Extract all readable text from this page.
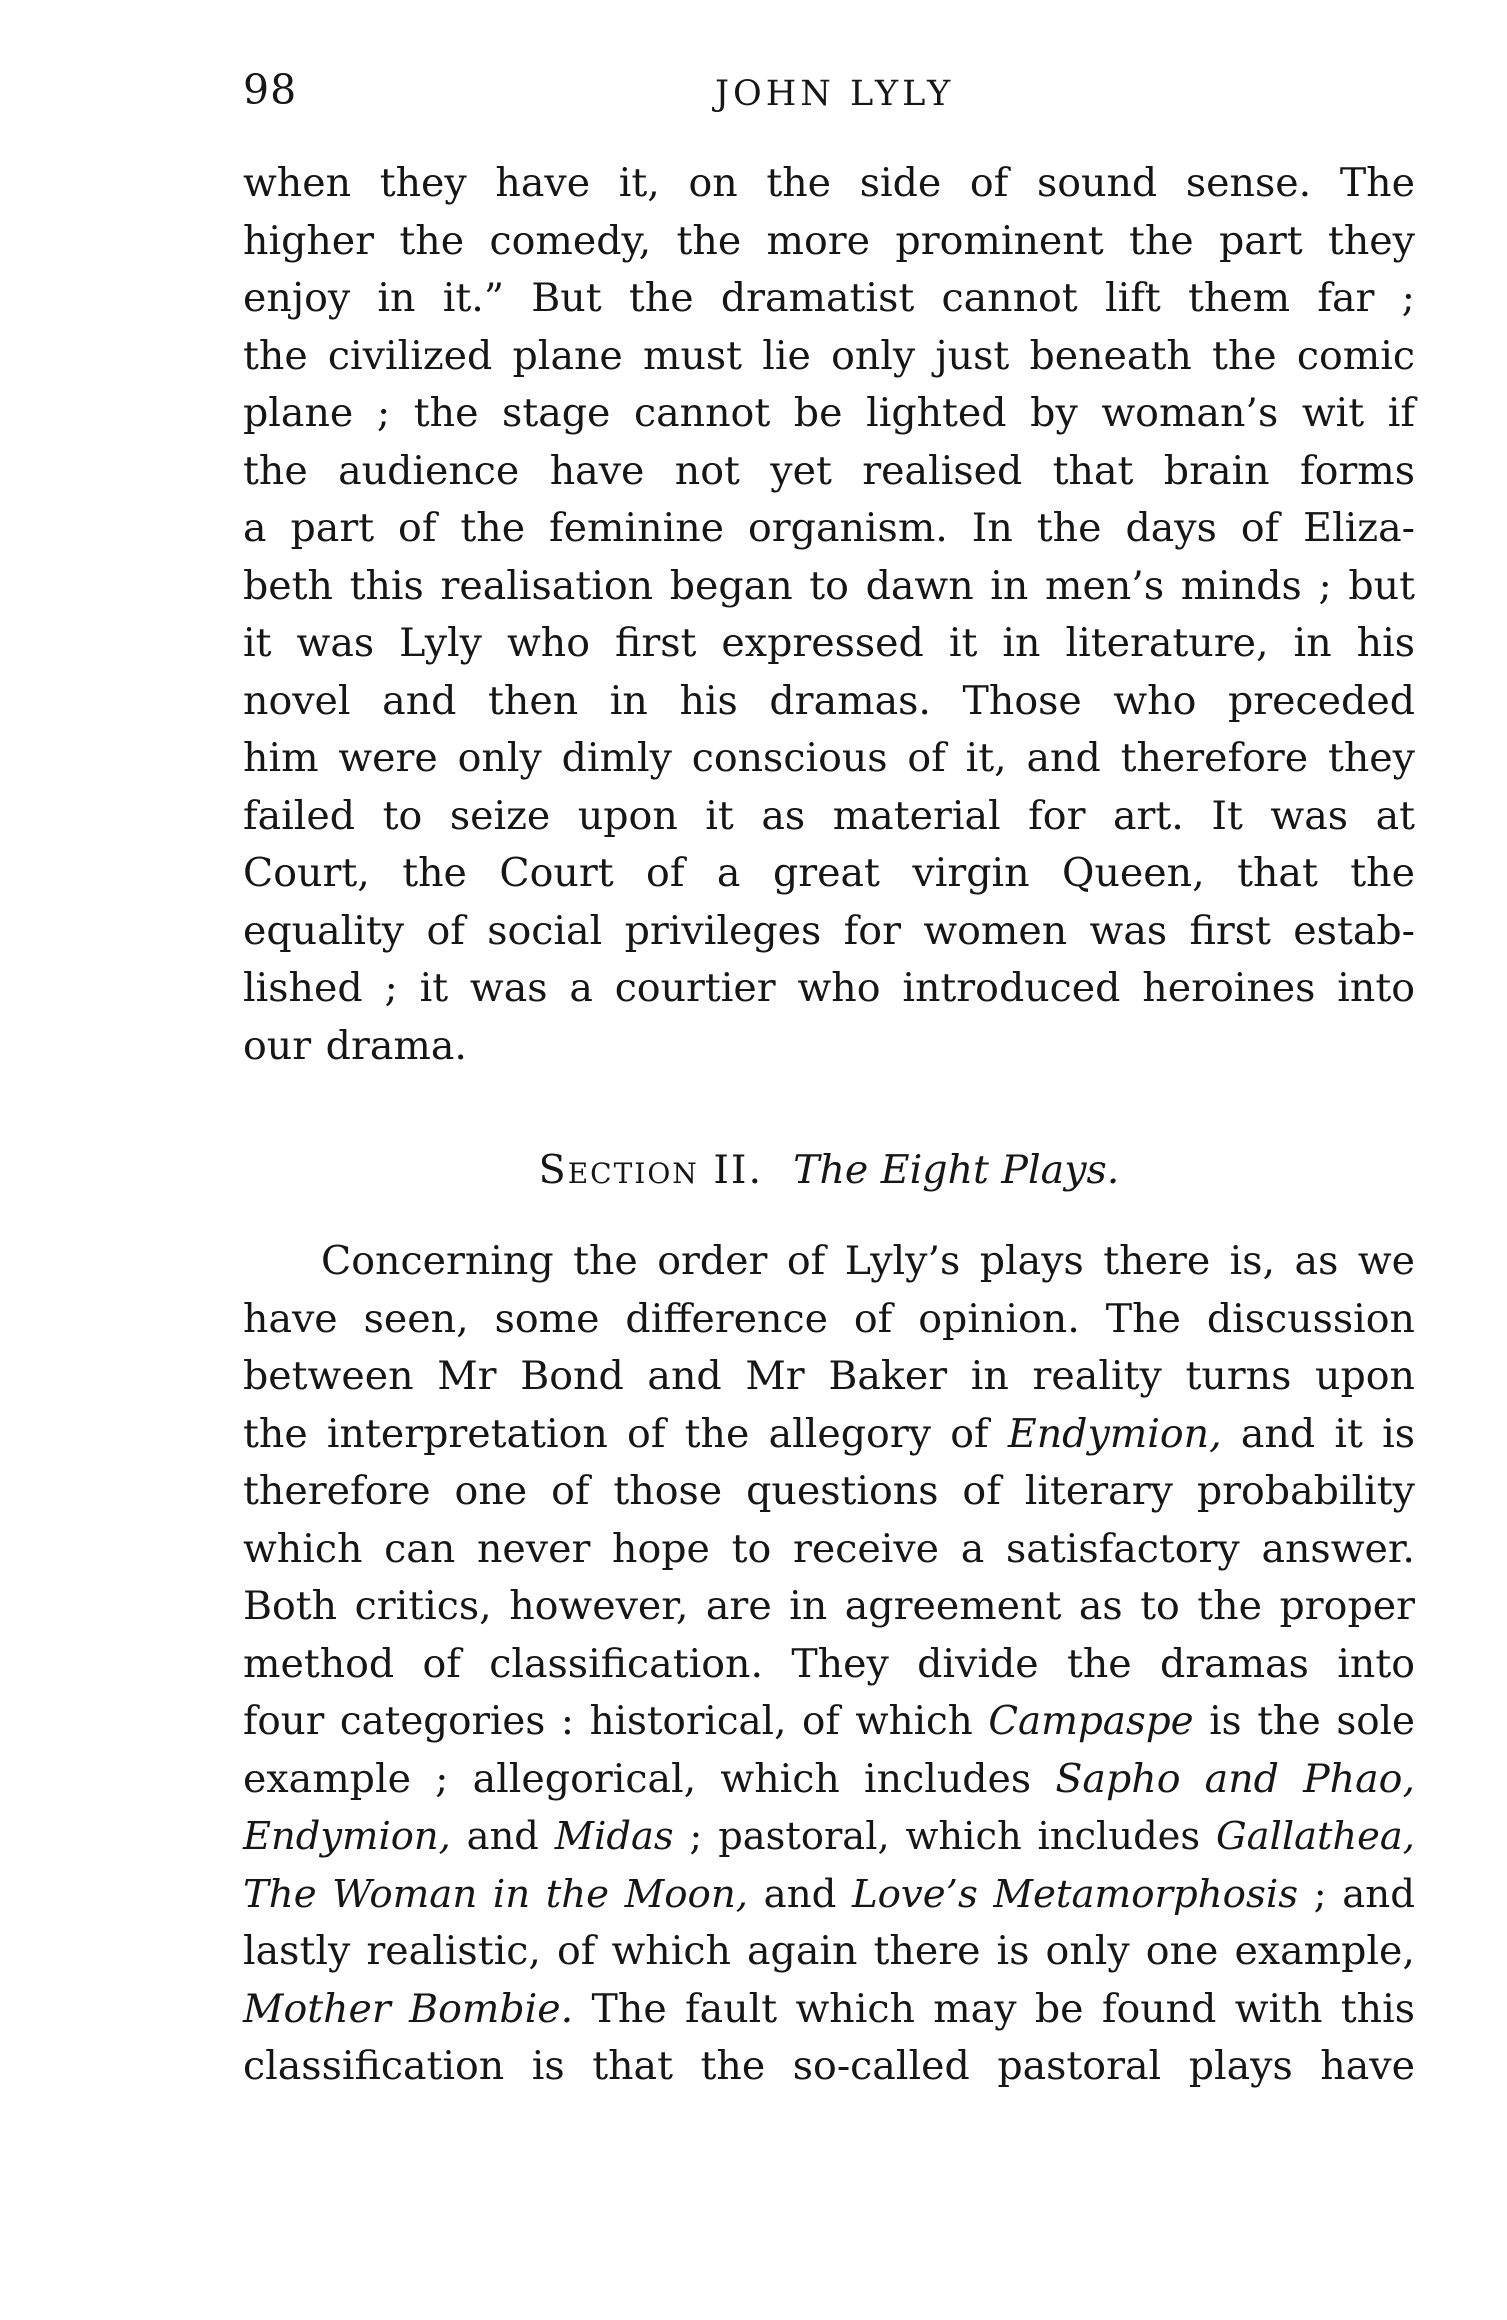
98	JOHN LYLY
when they have it, on the side of sound sense. The
higher the comedy, the more prominent the part they
enjoy in it.” But the dramatist cannot lift them far ;
the civilized plane must lie only just beneath the comic
plane ; the stage cannot be lighted by woman’s wit if
the audience have not yet realised that brain forms
a part of the feminine organism. In the days of Eliza-
beth this realisation began to dawn in men’s minds ; but
it was Lyly who first expressed it in literature, in his
novel and then in his dramas. Those who preceded
him were only dimly conscious of it, and therefore they
failed to seize upon it as material for art. It was at
Court, the Court of a great virgin Queen, that the
equality of social privileges for women was first estab-
lished ; it was a courtier who introduced heroines into
our drama.
Section II. The Eight Plays.
Concerning the order of Lyly’s plays there is, as we
have seen, some difference of opinion. The discussion
between Mr Bond and Mr Baker in reality turns upon
the interpretation of the allegory of Endymion, and it is
therefore one of those questions of literary probability
which can never hope to receive a satisfactory answer.
Both critics, however, are in agreement as to the proper
method of classification. They divide the dramas into
four categories : historical, of which Campaspe is the sole
example ; allegorical, which includes Sapho and Phao,
Endymion, and Midas ; pastoral, which includes Gallathea,
The Woman in the Moon, and Love’s Metamorphosis ; and
lastly realistic, of which again there is only one example,
Mother Bombie. The fault which may be found with this
classification is that the so-called pastoral plays have
